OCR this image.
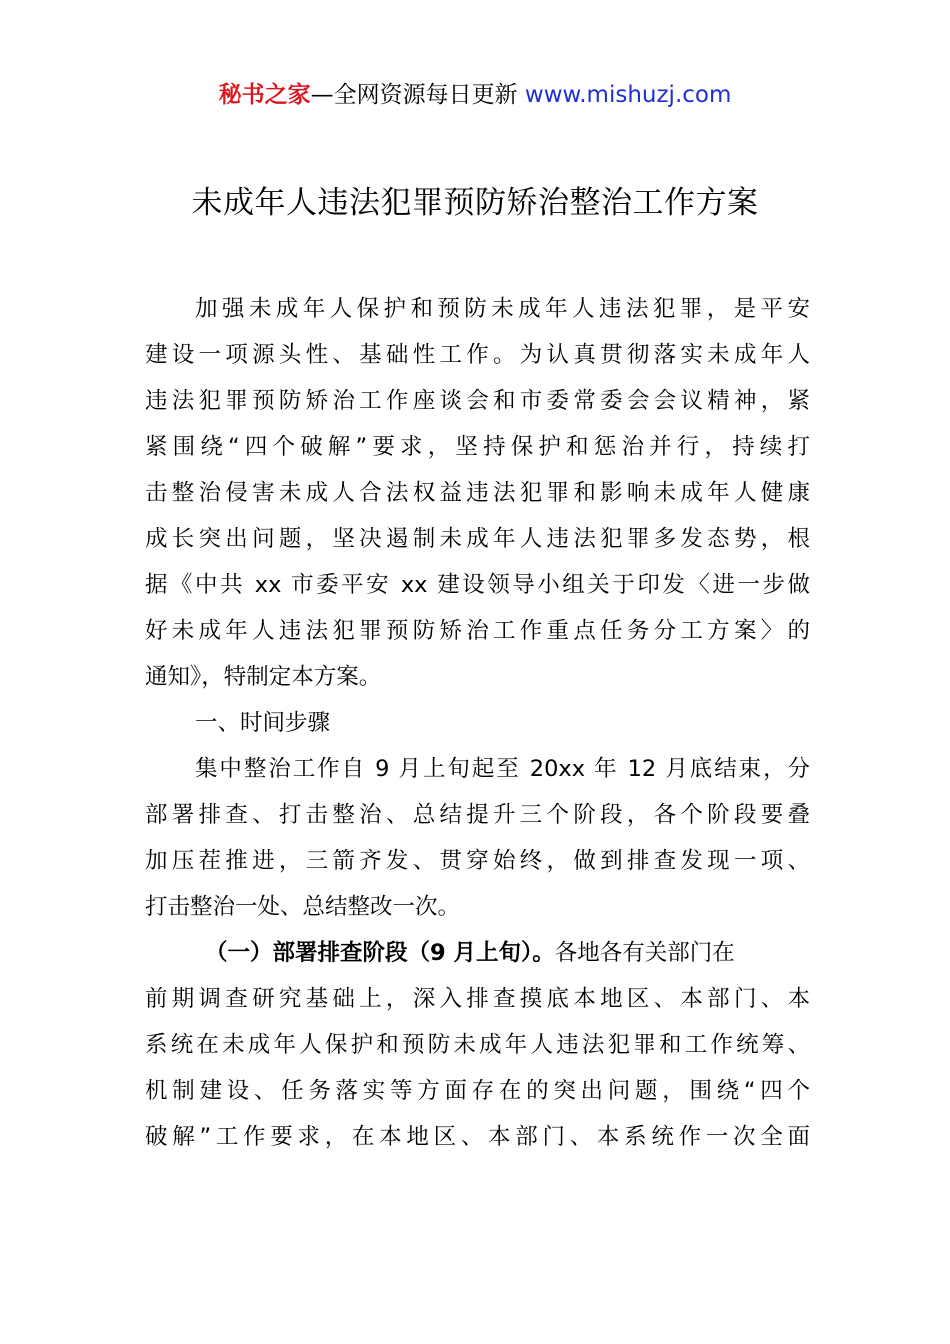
秘书之家—全网资源每日更新 www.mishuzj.com
未成年人违法犯罪预防矫治整治工作方案
加强未成年人保护和预防未成年人违法犯罪，是平安
建设一项源头性、基础性工作。为认真贯彻落实未成年人
违法犯罪预防矫治工作座谈会和市委常委会会议精神，紧
紧围绕“四个破解”要求，坚持保护和惩治并行，持续打
击整治侵害未成人合法权益违法犯罪和影响未成年人健康
成长突出问题，坚决遏制未成年人违法犯罪多发态势，根
据《中共 xx 市委平安 xx 建设领导小组关于印发〈进一步做
好未成年人违法犯罪预防矫治工作重点任务分工方案〉的
通知》，特制定本方案。
一、时间步骤
集中整治工作自 9 月上旬起至 20xx 年 12 月底结束，分
部署排查、打击整治、总结提升三个阶段，各个阶段要叠
加压茬推进，三箭齐发、贯穿始终，做到排查发现一项、
打击整治一处、总结整改一次。
（一）部署排查阶段（9 月上旬）。各地各有关部门在
前期调查研究基础上，深入排查摸底本地区、本部门、本
系统在未成年人保护和预防未成年人违法犯罪和工作统筹、
机制建设、任务落实等方面存在的突出问题，围绕“四个
破解”工作要求，在本地区、本部门、本系统作一次全面
